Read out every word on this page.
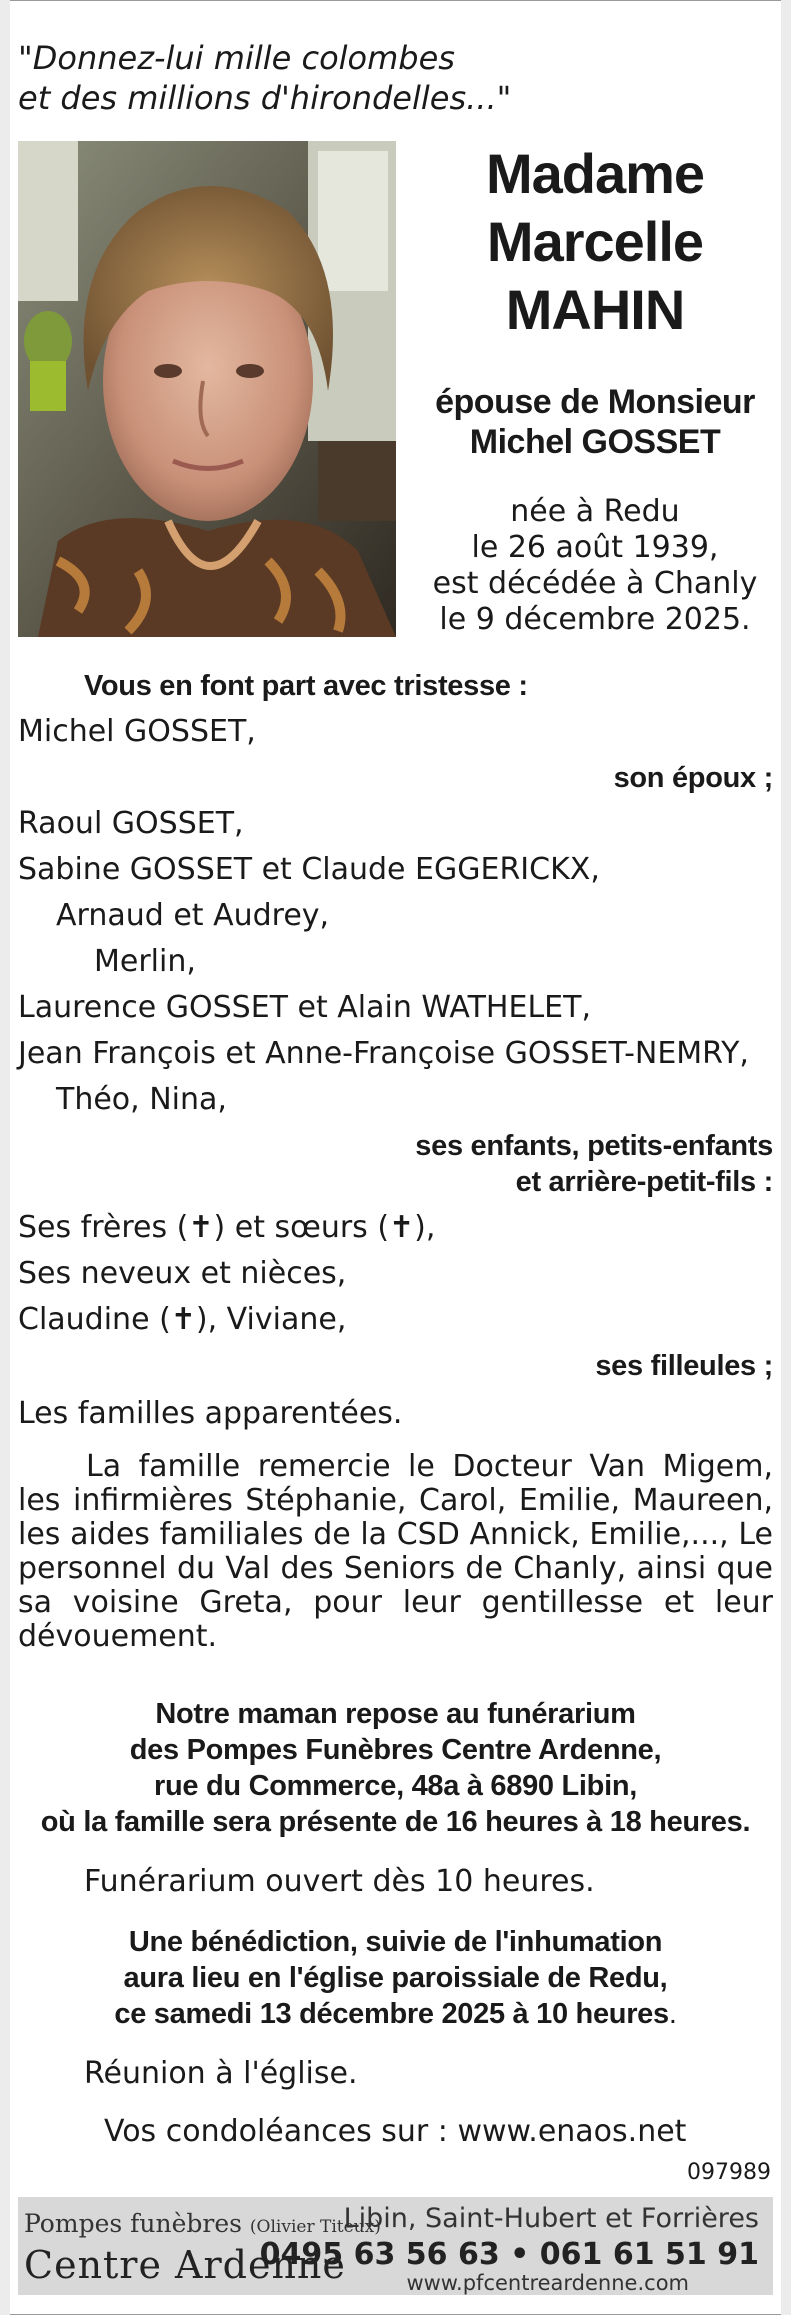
"Donnez-lui mille colombes
et des millions d'hirondelles..."
Madame
Marcelle
MAHIN
épouse de Monsieur
Michel GOSSET
née à Redu
le 26 août 1939,
est décédée à Chanly
le 9 décembre 2025.
Vous en font part avec tristesse :
Michel GOSSET,
son époux ;
Raoul GOSSET,
Sabine GOSSET et Claude EGGERICKX,
Arnaud et Audrey,
Merlin,
Laurence GOSSET et Alain WATHELET,
Jean François et Anne-Françoise GOSSET-NEMRY,
Théo, Nina,
ses enfants, petits-enfants
et arrière-petit-fils :
Ses frères (✝) et sœurs (✝),
Ses neveux et nièces,
Claudine (✝), Viviane,
ses filleules ;
Les familles apparentées.
La famille remercie le Docteur Van Migem, les infirmières Stéphanie, Carol, Emilie, Maureen, les aides familiales de la CSD Annick, Emilie,..., Le personnel du Val des Seniors de Chanly, ainsi que sa voisine Greta, pour leur gentillesse et leur dévouement.
Notre maman repose au funérarium
des Pompes Funèbres Centre Ardenne,
rue du Commerce, 48a à 6890 Libin,
où la famille sera présente de 16 heures à 18 heures.
Funérarium ouvert dès 10 heures.
Une bénédiction, suivie de l'inhumation
aura lieu en l'église paroissiale de Redu,
ce samedi 13 décembre 2025 à 10 heures.
Réunion à l'église.
Vos condoléances sur : www.enaos.net
097989
Pompes funèbres (Olivier Titeux)
Centre Ardenne
Libin, Saint-Hubert et Forrières
0495 63 56 63 • 061 61 51 91
www.pfcentreardenne.com
